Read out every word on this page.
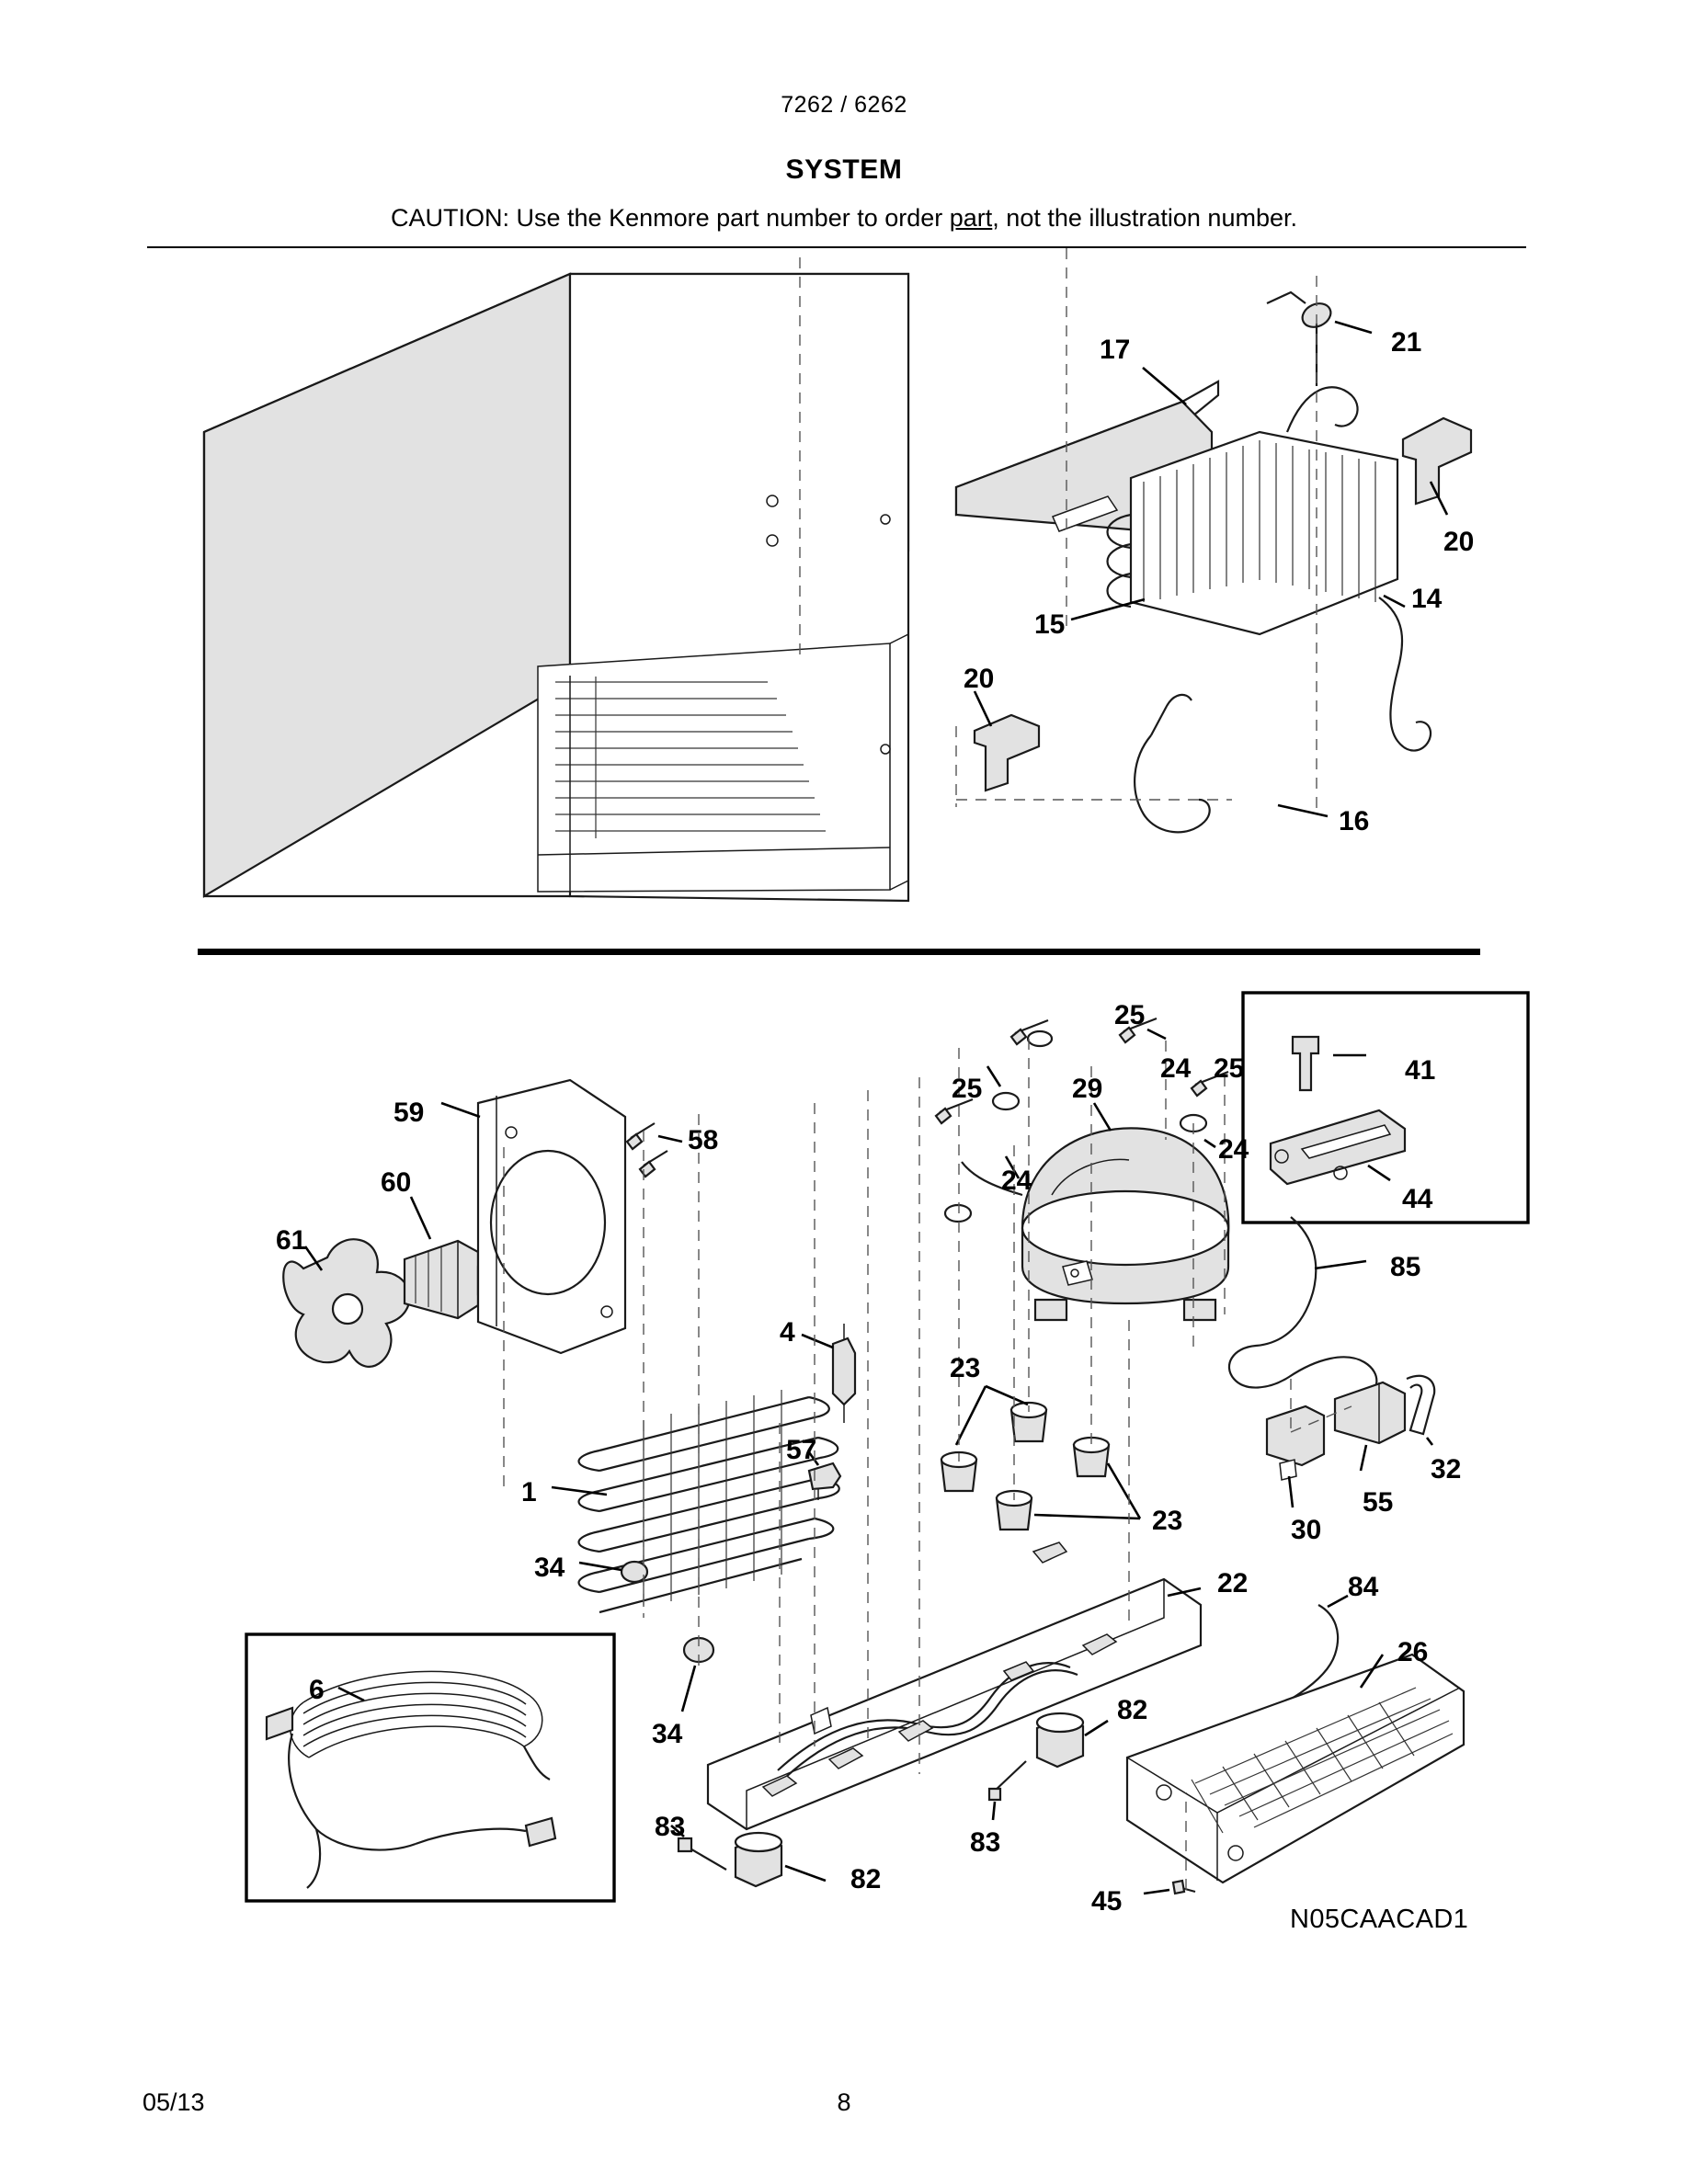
7262 / 6262
SYSTEM
CAUTION: Use the Kenmore part number to order part, not the illustration number.
17	21
20
15
14
20
16
59
58
60
61
25
25	29
24 25
24
24
41
44
85
4
23
23
57
1
30
55
32
34
34
22	84
26
82
6
83
83
82
45
N05CAACAD1
05/13	8
